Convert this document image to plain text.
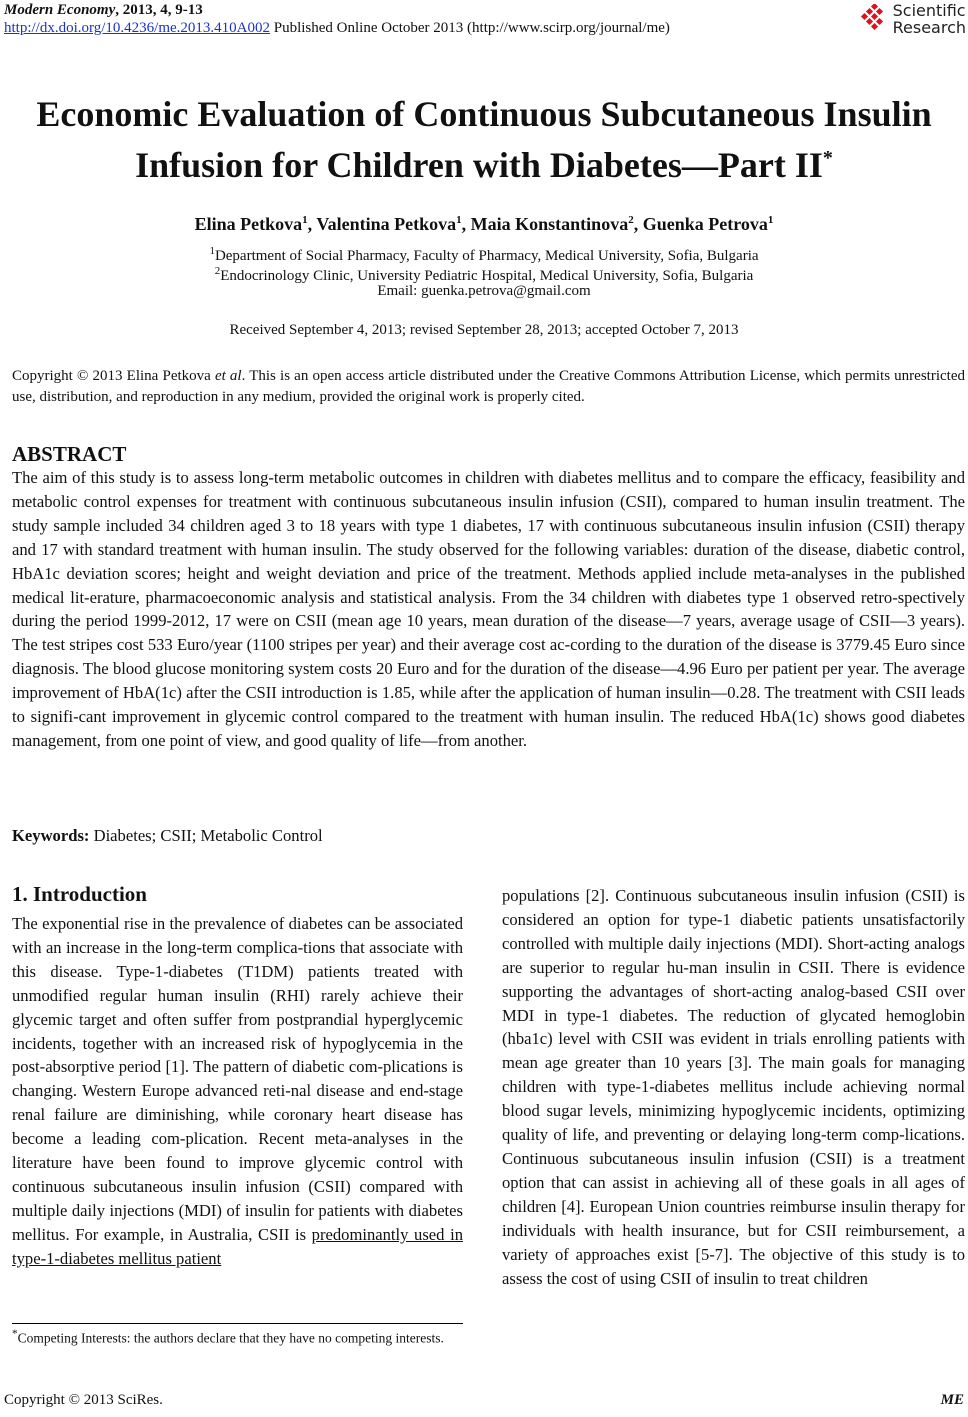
Modern Economy, 2013, 4, 9-13
http://dx.doi.org/10.4236/me.2013.410A002 Published Online October 2013 (http://www.scirp.org/journal/me)
Scientific
Research
Economic Evaluation of Continuous Subcutaneous Insulin
Infusion for Children with Diabetes—Part II*
Elina Petkova$^1$, Valentina Petkova$^1$, Maia Konstantinova$^2$, Guenka Petrova$^1$
$^1$Department of Social Pharmacy, Faculty of Pharmacy, Medical University, Sofia, Bulgaria
$^2$Endocrinology Clinic, University Pediatric Hospital, Medical University, Sofia, Bulgaria
Email: guenka.petrova@gmail.com
Received September 4, 2013; revised September 28, 2013; accepted October 7, 2013
Copyright © 2013 Elina Petkova et al. This is an open access article distributed under the Creative Commons Attribution License, which permits unrestricted use, distribution, and reproduction in any medium, provided the original work is properly cited.
ABSTRACT
The aim of this study is to assess long-term metabolic outcomes in children with diabetes mellitus and to compare the efficacy, feasibility and metabolic control expenses for treatment with continuous subcutaneous insulin infusion (CSII), compared to human insulin treatment. The study sample included 34 children aged 3 to 18 years with type 1 diabetes, 17 with continuous subcutaneous insulin infusion (CSII) therapy and 17 with standard treatment with human insulin. The study observed for the following variables: duration of the disease, diabetic control, HbA1c deviation scores; height and weight deviation and price of the treatment. Methods applied include meta-analyses in the published medical lit-erature, pharmacoeconomic analysis and statistical analysis. From the 34 children with diabetes type 1 observed retro-spectively during the period 1999-2012, 17 were on CSII (mean age 10 years, mean duration of the disease—7 years, average usage of CSII—3 years). The test stripes cost 533 Euro/year (1100 stripes per year) and their average cost ac-cording to the duration of the disease is 3779.45 Euro since diagnosis. The blood glucose monitoring system costs 20 Euro and for the duration of the disease—4.96 Euro per patient per year. The average improvement of HbA(1c) after the CSII introduction is 1.85, while after the application of human insulin—0.28. The treatment with CSII leads to signifi-cant improvement in glycemic control compared to the treatment with human insulin. The reduced HbA(1c) shows good diabetes management, from one point of view, and good quality of life—from another.
Keywords: Diabetes; CSII; Metabolic Control
1. Introduction
The exponential rise in the prevalence of diabetes can be associated with an increase in the long-term complica-tions that associate with this disease. Type-1-diabetes (T1DM) patients treated with unmodified regular human insulin (RHI) rarely achieve their glycemic target and often suffer from postprandial hyperglycemic incidents, together with an increased risk of hypoglycemia in the post-absorptive period [1]. The pattern of diabetic com-plications is changing. Western Europe advanced reti-nal disease and end-stage renal failure are diminishing, while coronary heart disease has become a leading com-plication. Recent meta-analyses in the literature have been found to improve glycemic control with continuous subcutaneous insulin infusion (CSII) compared with multiple daily injections (MDI) of insulin for patients with diabetes mellitus. For example, in Australia, CSII is predominantly used in type-1-diabetes mellitus patient
populations [2]. Continuous subcutaneous insulin infusion (CSII) is considered an option for type-1 diabetic patients unsatisfactorily controlled with multiple daily injections (MDI). Short-acting analogs are superior to regular hu-man insulin in CSII. There is evidence supporting the advantages of short-acting analog-based CSII over MDI in type-1 diabetes. The reduction of glycated hemoglobin (hba1c) level with CSII was evident in trials enrolling patients with mean age greater than 10 years [3]. The main goals for managing children with type-1-diabetes mellitus include achieving normal blood sugar levels, minimizing hypoglycemic incidents, optimizing quality of life, and preventing or delaying long-term comp-lications. Continuous subcutaneous insulin infusion (CSII) is a treatment option that can assist in achieving all of these goals in all ages of children [4]. European Union countries reimburse insulin therapy for individuals with health insurance, but for CSII reimbursement, a variety of approaches exist [5-7]. The objective of this study is to assess the cost of using CSII of insulin to treat children
*Competing Interests: the authors declare that they have no competing interests.
Copyright © 2013 SciRes.	ME
